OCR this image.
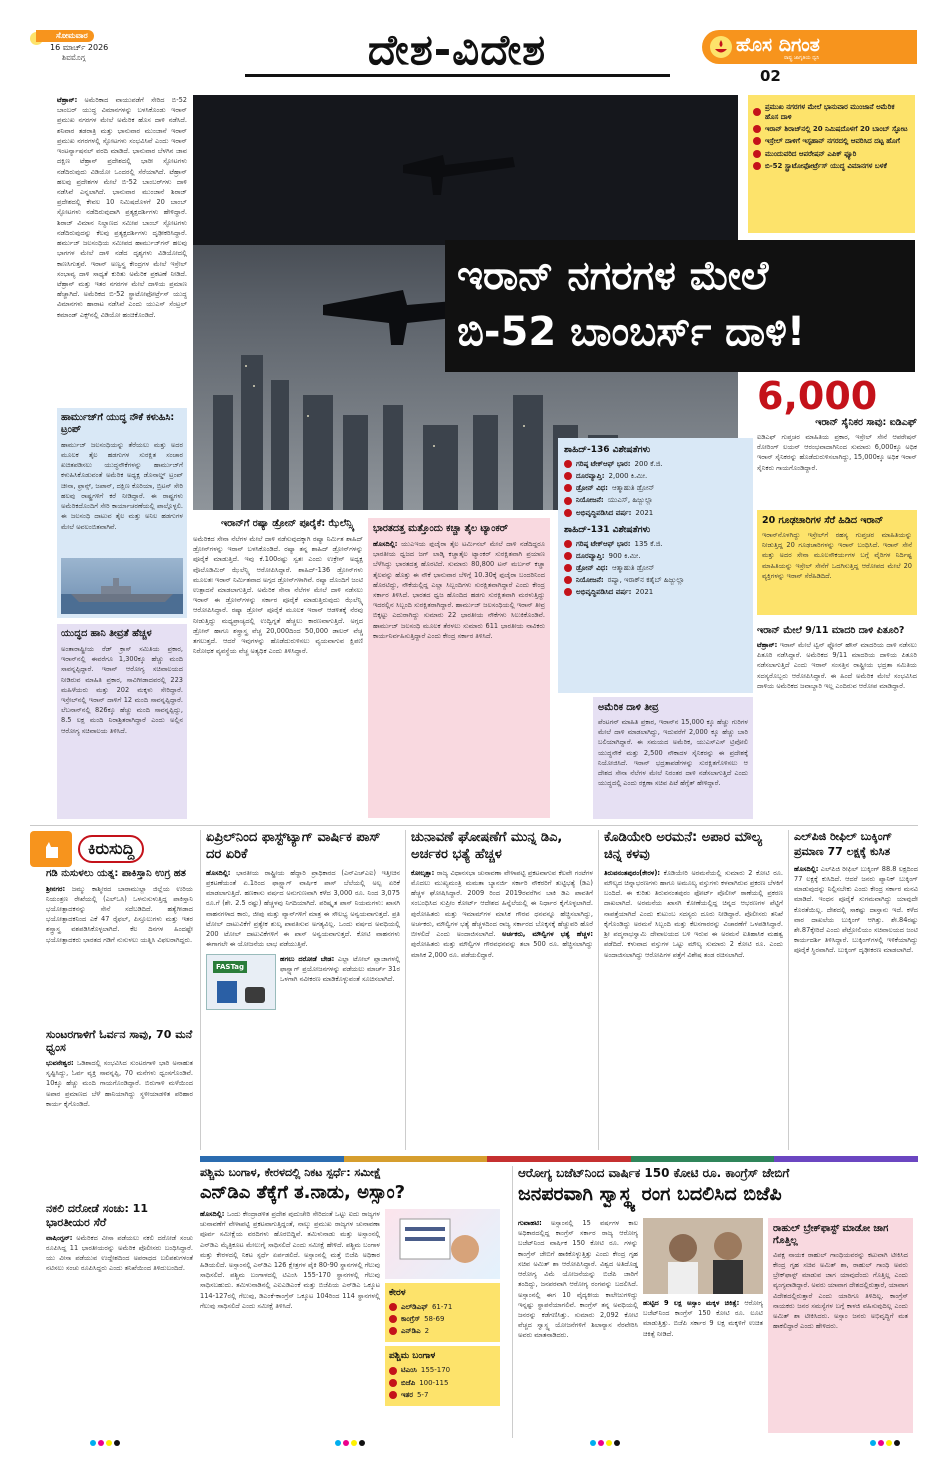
ಸೋಮವಾರ
16 ಮಾರ್ಚ್ 2026
ಶಿವಮೊಗ್ಗ	ದೇಶ-ವಿದೇಶ	ಹೊಸ ದಿಗಂತ
ರಾಷ್ಟ್ರ ಜಾಗೃತಿಯ ಧ್ವನಿ
02
ಟೆಹ್ರಾನ್: ಅಮೆರಿಕಾದ ವಾಯುಪಡೆಗೆ ಸೇರಿದ ಬಿ-52 ಬಾಂಬರ್ ಯುದ್ಧ ವಿಮಾನಗಳನ್ನು ಬಳಸಿಕೊಂಡು ಇರಾನ್ ಪ್ರಮುಖ ನಗರಗಳ ಮೇಲೆ ಅಮೆರಿಕ ಹೊಸ ದಾಳಿ ನಡೆಸಿದೆ. ಶನಿವಾರ ತಡರಾತ್ರಿ ಮತ್ತು ಭಾನುವಾರ ಮುಂಜಾನೆ ಇರಾನ್ ಪ್ರಮುಖ ನಗರಗಳಲ್ಲಿ ಸ್ಫೋಟಗಳು ಸಂಭವಿಸಿವೆ ಎಂದು ಇರಾನ್ ಇಂಟರ್ನ್ಯಾಷನಲ್ ವರದಿ ಮಾಡಿದೆ. ಭಾನುವಾರ ಬೆಳಗಿನ ಜಾವ ದಕ್ಷಿಣ ಟೆಹ್ರಾನ್ ಪ್ರದೇಶದಲ್ಲಿ ಭಾರೀ ಸ್ಫೋಟಗಳು ನಡೆದಿರುವುದು ವಿಡಿಯೋ ಒಂದರಲ್ಲಿ ಸೆರೆಯಾಗಿದೆ. ಟೆಹ್ರಾನ್ ಹಲವು ಪ್ರದೇಶಗಳ ಮೇಲೆ ಬಿ-52 ಬಾಂಬರ್‌ಗಳು ದಾಳಿ ನಡೆಸಿವೆ ಎನ್ನಲಾಗಿದೆ. ಭಾನುವಾರ ಮುಂಜಾನೆ ಶಿರಾಜ್ ಪ್ರದೇಶದಲ್ಲಿ ಕೇವಲ 10 ನಿಮಿಷದೊಳಗೆ 20 ಬಾಂಬ್ ಸ್ಫೋಟಗಳು ನಡೆದಿರುವುದಾಗಿ ಪ್ರತ್ಯಕ್ಷದರ್ಶಿಗಳು ಹೇಳಿದ್ದಾರೆ. ಶಿರಾಜ್ ವಿಮಾನ ನಿಲ್ದಾಣದ ಸಮೀಪ ಬಾಂಬ್ ಸ್ಫೋಟಗಳು ನಡೆದಿರುವುದನ್ನು ಕೆಲವು ಪ್ರತ್ಯಕ್ಷದರ್ಶಿಗಳು ದೃಢೀಕರಿಸಿದ್ದಾರೆ. ಹರ್ಮುಜ್ ಜಲಸಂಧಿಯ ಸಮೀಪದ ಹಾರ್ಮುಜ್‌ಗನ್ ಹಲವು ಭಾಗಗಳ ಮೇಲೆ ದಾಳಿ ನಡೆದ ದೃಶ್ಯಗಳು ವಿಡಿಯೋದಲ್ಲಿ ಕಾಣಸಿಗುತ್ತವೆ. ಇರಾನ್ ಅಣ್ವಸ್ತ್ರ ಕೇಂದ್ರಗಳ ಮೇಲೆ ಇಸ್ರೇಲ್ ಸಂಭಾವ್ಯ ದಾಳಿ ಸಾಧ್ಯತೆ ಕುರಿತು ಅಮೆರಿಕ ಪ್ರಕಟಣೆ ನೀಡಿದೆ. ಟೆಹ್ರಾನ್ ಮತ್ತು ಇತರ ನಗರಗಳ ಮೇಲೆ ದಾಳಿಯ ಪ್ರಮಾಣ ಹೆಚ್ಚಾಗಿದೆ. ಅಮೆರಿಕದ ಬಿ-52 ಸ್ಟ್ರಾಟೋಫೋರ್ಟ್ರೆಸ್ ಯುದ್ಧ ವಿಮಾನಗಳು ಹಾರಾಟ ನಡೆಸಿವೆ ಎಂದು ಯುಎಸ್ ಸೆಂಟ್ರಲ್ ಕಮಾಂಡ್ ಎಕ್ಸ್‌ನಲ್ಲಿ ವಿಡಿಯೋ ಹಂಚಿಕೊಂಡಿದೆ.
ಹಾರ್ಮುಜ್‌ಗೆ ಯುದ್ಧ ನೌಕೆ ಕಳುಹಿಸಿ: ಟ್ರಂಪ್
ಹಾರ್ಮುಜ್ ಜಲಸಂಧಿಯನ್ನು ತೆರೆಯಲು ಮತ್ತು ಅದರ ಮೂಲಕ ತೈಲ ಹಡಗುಗಳ ಸುರಕ್ಷಿತ ಸಂಚಾರ ಖಚಿತಪಡಿಸಲು ಯುದ್ಧನೌಕೆಗಳನ್ನು ಹಾರ್ಮುಜ್‌ಗೆ ಕಳುಹಿಸಿಕೊಡುವಂತೆ ಅಮೆರಿಕ ಅಧ್ಯಕ್ಷ ಡೊನಾಲ್ಡ್ ಟ್ರಂಪ್ ಚೀನಾ, ಫ್ರಾನ್ಸ್, ಜಪಾನ್, ದಕ್ಷಿಣ ಕೊರಿಯಾ, ಬ್ರಿಟನ್ ಸೇರಿ ಹಲವು ರಾಷ್ಟ್ರಗಳಿಗೆ ಕರೆ ನೀಡಿದ್ದಾರೆ. ಈ ರಾಷ್ಟ್ರಗಳು ಅಮೆರಿಕದೊಂದಿಗೆ ಸೇರಿ ಕಾರ್ಯಾಚರಣೆಯಲ್ಲಿ ಪಾಲ್ಗೊಳ್ಳಲಿ. ಈ ಜಲಸಂಧಿ ದಾಟುವ ತೈಲ ಮತ್ತು ಅನಿಲ ಹಡಗುಗಳ ಮೇಲೆ ಅವಲಂಬಿತವಾಗಿವೆ.
ಯುದ್ಧದ ಹಾನಿ ತೀವ್ರತೆ ಹೆಚ್ಚಳ
ಅಂತಾರಾಷ್ಟ್ರೀಯ ರೆಡ್ ಕ್ರಾಸ್ ಸಮಿತಿಯ ಪ್ರಕಾರ, ಇರಾನ್‌ನಲ್ಲಿ ಈವರೆಗೂ 1,300ಕ್ಕೂ ಹೆಚ್ಚು ಮಂದಿ ಸಾವನ್ನಪ್ಪಿದ್ದಾರೆ. ಇರಾನ್ ಆರೋಗ್ಯ ಸಚಿವಾಲಯದ ನೀಡಿರುವ ಮಾಹಿತಿ ಪ್ರಕಾರ, ಸಾವಿಗೀಡಾದವರಲ್ಲಿ 223 ಮಹಿಳೆಯರು ಮತ್ತು 202 ಮಕ್ಕಳು ಸೇರಿದ್ದಾರೆ. ಇಸ್ರೇಲ್‌ನಲ್ಲಿ ಇರಾನ್ ದಾಳಿಗೆ 12 ಮಂದಿ ಸಾವನ್ನಪ್ಪಿದ್ದಾರೆ. ಲೆಬನಾನ್‌ನಲ್ಲಿ 826ಕ್ಕೂ ಹೆಚ್ಚು ಮಂದಿ ಸಾವನ್ನಪ್ಪಿದ್ದು, 8.5 ಲಕ್ಷ ಮಂದಿ ನಿರಾಶ್ರಿತರಾಗಿದ್ದಾರೆ ಎಂದು ಅಲ್ಲಿನ ಆರೋಗ್ಯ ಸಚಿವಾಲಯ ತಿಳಿಸಿದೆ.
ಇರಾನ್ ನಗರಗಳ ಮೇಲೆ
ಬಿ-52 ಬಾಂಬರ್ಸ್ ದಾಳಿ!
ಪ್ರಮುಖ ನಗರಗಳ ಮೇಲೆ ಭಾನುವಾರ ಮುಂಜಾನೆ ಅಮೆರಿಕ ಹೊಸ ದಾಳಿ
ಇರಾನ್ ಶಿರಾಜ್‌ನಲ್ಲಿ 20 ನಿಮಿಷದೊಳಗೆ 20 ಬಾಂಬ್ ಸ್ಫೋಟ
ಇಸ್ರೇಲ್ ದಾಳಿಗೆ ಇಸ್ಫಹಾನ್ ನಗರದಲ್ಲಿ ಆವರಿಸಿದ ದಟ್ಟ ಹೊಗೆ
ಮುಂದುವರಿದ ಆಪರೇಷನ್ ಎಪಿಕ್ ಫ್ಯೂರಿ
ಬಿ-52 ಸ್ಟ್ರಾಟೋಫೋರ್ಟ್ರೆಸ್ ಯುದ್ಧ ವಿಮಾನಗಳ ಬಳಕೆ
6,000
ಇರಾನ್ ಸೈನಿಕರ ಸಾವು: ಐಡಿಎಫ್
ಐಡಿಎಫ್ ಗುಪ್ತಚರ ಮಾಹಿತಿಯ ಪ್ರಕಾರ, ಇಸ್ರೇಲ್ ಸೇನೆ ಆಪರೇಷನ್ ರೋರಿಂಗ್ ಲಯನ್ ಆರಂಭವಾದಾಗಿನಿಂದ ಸುಮಾರು 6,000ಕ್ಕೂ ಅಧಿಕ ಇರಾನ್ ಸೈನಿಕರನ್ನು ಹೊಡೆದುರುಳಿಸಲಾಗಿದ್ದು, 15,000ಕ್ಕೂ ಅಧಿಕ ಇರಾನ್ ಸೈನಿಕರು ಗಾಯಗೊಂಡಿದ್ದಾರೆ.
20 ಗೂಢಚಾರಿಗಳ ಸೆರೆ ಹಿಡಿದ ಇರಾನ್
ಇರಾನ್‌ನೊಳಗಿದ್ದು ಇಸ್ರೇಲ್‌ಗೆ ರಹಸ್ಯ ಗುಪ್ತಚರ ಮಾಹಿತಿಯನ್ನು ನೀಡುತ್ತಿದ್ದ 20 ಗೂಢಚಾರಿಗಳನ್ನು ಇರಾನ್ ಬಂಧಿಸಿದೆ. ಇರಾನ್ ಸೇನೆ ಮತ್ತು ಅದರ ಸೇನಾ ಮೂಲಸೌಕರ್ಯಗಳ ಬಗ್ಗೆ ವೈರಿಗಳ ನಿರ್ದಿಷ್ಟ ಮಾಹಿತಿಯನ್ನು ಇಸ್ರೇಲ್ ಸೇನೆಗೆ ಒದಗಿಸುತ್ತಿದ್ದ ಆರೋಪದ ಮೇಲೆ 20 ವ್ಯಕ್ತಿಗಳನ್ನು ಇರಾನ್ ಸೆರೆಹಿಡಿದಿದೆ.
ಇರಾನ್ ಮೇಲೆ 9/11 ಮಾದರಿ ದಾಳಿ ಪಿತೂರಿ?
ಟೆಹ್ರಾನ್: ಇರಾನ್ ಮೇಲೆ ಟ್ವಿನ್ ಫ್ಲೋರ್ ಹೌಸ್ ಮಾದರಿಯ ದಾಳಿ ನಡೆಸಲು ಪಿತೂರಿ ನಡೆಸಿದ್ದಾರೆ. ಅಮೆರಿಕದ 9/11 ಮಾದರಿಯ ದಾಳಿಯ ಪಿತೂರಿ ನಡೆಸಲಾಗುತ್ತಿದೆ ಎಂದು ಇರಾನ್ ಸಂಸತ್ತಿನ ರಾಷ್ಟ್ರೀಯ ಭದ್ರತಾ ಸಮಿತಿಯ ಸದಸ್ಯರೊಬ್ಬರು ಆರೋಪಿಸಿದ್ದಾರೆ. ಈ ಹಿಂದೆ ಅಮೆರಿಕ ಮೇಲೆ ಸಂಭವಿಸಿದ ದಾಳಿಯ ಅಮೆರಿಕದ ಜವಾಬ್ದಾರಿ ಇಲ್ಲ ಎಂದಿರುವ ಆರೋಪ ಮಾಡಿದ್ದಾರೆ.
ಇರಾನ್‌ಗೆ ರಷ್ಯಾ ಡ್ರೋನ್ ಪೂರೈಕೆ: ಝೆಲೆನ್ಸ್ಕಿ
ಅಮೆರಿಕದ ಸೇನಾ ನೆಲೆಗಳ ಮೇಲೆ ದಾಳಿ ನಡೆಸುವುದಕ್ಕಾಗಿ ರಷ್ಯಾ ನಿರ್ಮಿತ ಶಾಹಿದ್ ಡ್ರೋನ್‌ಗಳನ್ನು ಇರಾನ್ ಬಳಸಿಕೊಂಡಿದೆ. ರಷ್ಯಾ ತನ್ನ ಶಾಹಿದ್ ಡ್ರೋನ್‌ಗಳನ್ನು ಪೂರೈಕೆ ಮಾಡುತ್ತಿದೆ. ಇವು ಕೆ.100ರಷ್ಟು ಸ್ವತಃ ಎಂದು ಉಕ್ರೇನ್ ಅಧ್ಯಕ್ಷ ವೊಲೊಡಿಮಿರ್ ಝೆಲೆನ್ಸ್ಕಿ ಆರೋಪಿಸಿದ್ದಾರೆ. ಶಾಹಿದ್-136 ಡ್ರೋನ್‌ಗಳು ಮೂಲತಃ ಇರಾನ್ ನಿರ್ಮಿತವಾದ ಅಗ್ಗದ ಡ್ರೋನ್‌ಗಳಾಗಿವೆ. ರಷ್ಯಾ ದೊಂದಿಗೆ ಜಂಟಿ ಉತ್ಪಾದನೆ ಮಾಡಲಾಗುತ್ತಿದೆ. ಅಮೆರಿಕ ಸೇನಾ ನೆಲೆಗಳ ಮೇಲೆ ದಾಳಿ ನಡೆಸಲು ಇರಾನ್ ಈ ಡ್ರೋನ್‌ಗಳನ್ನು ಸರ್ಕಾರ ಪೂರೈಕೆ ಮಾಡುತ್ತಿರುವುದು ಝೆಲೆನ್ಸ್ಕಿ ಆರೋಪಿಸಿದ್ದಾರೆ. ರಷ್ಯಾ ಡ್ರೋನ್ ಪೂರೈಕೆ ಮೂಲಕ ಇರಾನ್ ಆಡಳಿತಕ್ಕೆ ನೆರವು ನೀಡುತ್ತಿದ್ದು ಮಧ್ಯಪ್ರಾಚ್ಯದಲ್ಲಿ ಉದ್ವಿಗ್ನತೆ ಹೆಚ್ಚಲು ಕಾರಣವಾಗುತ್ತಿದೆ. ಅಗ್ಗದ ಡ್ರೋನ್ ಹಾಗೂ ಶಸ್ತ್ರಾಸ್ತ್ರ ವೆಚ್ಚ 20,000ದಿಂದ 50,000 ಡಾಲರ್ ವೆಚ್ಚ ತಗಲುತ್ತದೆ. ಆದರೆ ಇವುಗಳನ್ನು ಹೊಡೆದುರುಳಿಸಲು ವ್ಯಯವಾಗುವ ಕ್ಷಿಪಣಿ ನಿರೋಧಕ ವ್ಯವಸ್ಥೆಯ ವೆಚ್ಚ ಅತ್ಯಧಿಕ ಎಂದು ತಿಳಿಸಿದ್ದಾರೆ.
ಭಾರತದತ್ತ ಮತ್ತೊಂದು ಕಚ್ಚಾ ತೈಲ ಟ್ಯಾಂಕರ್
ಹೊಸದಿಲ್ಲಿ: ಯುಎಇಯ ಫುಜೈರಾ ತೈಲ ಟರ್ಮಿನಲ್ ಮೇಲೆ ದಾಳಿ ನಡೆದಿದ್ದರೂ ಭಾರತೀಯ ಧ್ವಜದ ಜಗ್ ಲಾಡ್ಕಿ ಕಚ್ಚಾತೈಲ ಟ್ಯಾಂಕರ್ ಸುರಕ್ಷಿತವಾಗಿ ಪ್ರಯಾಣ ಬೆಳೆಸಿದ್ದು ಭಾರತದತ್ತ ಹೊರಟಿದೆ. ಸುಮಾರು 80,800 ಟನ್ ಮರ್ಬನ್ ಕಚ್ಚಾ ತೈಲವನ್ನು ಹೊತ್ತು ಈ ನೌಕೆ ಭಾನುವಾರ ಬೆಳಿಗ್ಗೆ 10.30ಕ್ಕೆ ಫುಜೈರಾ ಬಂದರಿನಿಂದ ಹೊರಟಿದ್ದು, ನೌಕೆಯಲ್ಲಿದ್ದ ಎಲ್ಲಾ ಸಿಬ್ಬಂದಿಗಳು ಸುರಕ್ಷಿತವಾಗಿದ್ದಾರೆ ಎಂದು ಕೇಂದ್ರ ಸರ್ಕಾರ ತಿಳಿಸಿದೆ. ಭಾರತದ ಧ್ವಜ ಹೊಂದಿದ ಹಡಗು ಸುರಕ್ಷಿತವಾಗಿ ಮರಳುತ್ತಿದ್ದು ಇದರಲ್ಲಿನ ಸಿಬ್ಬಂದಿ ಸುರಕ್ಷಿತರಾಗಿದ್ದಾರೆ. ಹಾರ್ಮುಜ್ ಜಲಸಂಧಿಯಲ್ಲಿ ಇರಾನ್ ತೀವ್ರ ಬಿಕ್ಕಟ್ಟು ಎದುರಾಗಿದ್ದು ಸುಮಾರು 22 ಭಾರತೀಯ ನೌಕೆಗಳು ಸಿಲುಕಿಕೊಂಡಿವೆ. ಹಾರ್ಮುಜ್ ಜಲಸಂಧಿ ಮೂಲಕ ತೆರಳಲು ಸುಮಾರು 611 ಭಾರತೀಯ ನಾವಿಕರು ಕಾರ್ಯನಿರ್ವಹಿಸುತ್ತಿದ್ದಾರೆ ಎಂದು ಕೇಂದ್ರ ಸರ್ಕಾರ ತಿಳಿಸಿದೆ.
ಶಾಹಿದ್-136 ವಿಶೇಷತೆಗಳು
ಗರಿಷ್ಠ ಟೇಕ್‌ಆಫ್ ಭಾರ: 200 ಕೆ.ಜಿ.
ದೂರವ್ಯಾಪ್ತಿ: 2,000 ಕಿ.ಮೀ.
ಡ್ರೋನ್ ವಿಧ: ಆತ್ಮಾಹುತಿ ಡ್ರೋನ್
ನಿಯೋಜನೆ: ಯುಎಸ್, ಹಿಜ್ಬುಲ್ಲಾ
ಅಭಿವೃದ್ಧಿಪಡಿಸಿದ ವರ್ಷ: 2021
ಶಾಹಿದ್-131 ವಿಶೇಷತೆಗಳು
ಗರಿಷ್ಠ ಟೇಕ್‌ಆಫ್ ಭಾರ: 135 ಕೆ.ಜಿ.
ದೂರವ್ಯಾಪ್ತಿ: 900 ಕಿ.ಮೀ.
ಡ್ರೋನ್ ವಿಧ: ಆತ್ಮಾಹುತಿ ಡ್ರೋನ್
ನಿಯೋಜನೆ: ರಷ್ಯಾ, ಇರಾಕ್‌ನ ಕತೈಬ್ ಹಿಜ್ಬುಲ್ಲಾ
ಅಭಿವೃದ್ಧಿಪಡಿಸಿದ ವರ್ಷ: 2021
ಅಮೆರಿಕ ದಾಳಿ ತೀವ್ರ
ಪೆಂಟಗನ್ ಮಾಹಿತಿ ಪ್ರಕಾರ, ಇರಾನ್‌ನ 15,000 ಕ್ಕೂ ಹೆಚ್ಚು ಗುರಿಗಳ ಮೇಲೆ ದಾಳಿ ಮಾಡಲಾಗಿದ್ದು, ಇದುವರೆಗೆ 2,000 ಕ್ಕೂ ಹೆಚ್ಚು ಬಾರಿ ಬಲಿಯಾಗಿದ್ದಾರೆ. ಈ ಸಮಯದ ಅಮೆರಿಕ, ಯುಎಸ್‌ಎಸ್ ಟ್ರಿಪೋಲಿ ಯುದ್ಧನೌಕೆ ಮತ್ತು 2,500 ನೌಕಾದಳ ಸೈನಿಕರನ್ನು ಈ ಪ್ರದೇಶಕ್ಕೆ ನಿಯೋಜಿಸಿದೆ. ಇರಾನ್ ಭದ್ರತಾಪಡೆಗಳನ್ನು ಸುರಕ್ಷಿತಗೊಳಿಸಲು ಆ ದೇಶದ ಸೇನಾ ನೆಲೆಗಳ ಮೇಲೆ ನಿರಂತರ ದಾಳಿ ನಡೆಸಲಾಗುತ್ತಿದೆ ಎಂದು ಯುದ್ಧದಲ್ಲಿ ಎಂದು ರಕ್ಷಣಾ ಸಚಿವ ಪಿಟೆ ಹೆಗ್ಸೆತ್ ಹೇಳಿದ್ದಾರೆ.
ಕಿರುಸುದ್ದಿ
ಗಡಿ ನುಸುಳಲು ಯತ್ನ: ಪಾಕಿಸ್ತಾನಿ ಉಗ್ರ ಹತ
ಶ್ರೀನಗರ: ಜಮ್ಮು ಕಾಶ್ಮೀರದ ಬಾರಾಮುಲ್ಲಾ ಜಿಲ್ಲೆಯ ಉರಿಯ ನಿಯಂತ್ರಣ ರೇಖೆಯಲ್ಲಿ (ಎಲ್‌ಒಸಿ) ಒಳನುಸುಳುತ್ತಿದ್ದ ಪಾಕಿಸ್ತಾನಿ ಭಯೋತ್ಪಾದಕನನ್ನು ಸೇನೆ ಸದೆಬಡಿದಿದೆ. ಹತ್ಯೆಗೀಡಾದ ಭಯೋತ್ಪಾದಕನಿಂದ ಎಕೆ 47 ರೈಫಲ್, ಪಿಸ್ತೂಲುಗಳು ಮತ್ತು ಇತರ ಶಸ್ತ್ರಾಸ್ತ್ರ ವಶಪಡಿಸಿಕೊಳ್ಳಲಾಗಿದೆ. ಕೆಲ ದಿನಗಳ ಹಿಂದಷ್ಟೇ ಭಯೋತ್ಪಾದಕರು ಭಾರತದ ಗಡಿಗೆ ನುಸುಳಲು ಯತ್ನಿಸಿ ವಿಫಲರಾಗಿದ್ದರು.
ಸುಂಟರಗಾಳಿಗೆ ಓರ್ವನ ಸಾವು, 70 ಮನೆ ಧ್ವಂಸ
ಭುವನೇಶ್ವರ: ಒಡಿಶಾದಲ್ಲಿ ಸಂಭವಿಸಿದ ಸುಂಟರಗಾಳಿ ಭಾರಿ ಅನಾಹುತ ಸೃಷ್ಟಿಸಿದ್ದು, ಓರ್ವ ವ್ಯಕ್ತಿ ಸಾವನ್ನಪ್ಪಿ, 70 ಮನೆಗಳು ಧ್ವಂಸಗೊಂಡಿವೆ. 10ಕ್ಕೂ ಹೆಚ್ಚು ಮಂದಿ ಗಾಯಗೊಂಡಿದ್ದಾರೆ. ಬಿರುಗಾಳಿ ಮಳೆಯಿಂದ ಅಪಾರ ಪ್ರಮಾಣದ ಬೆಳೆ ಹಾನಿಯಾಗಿದ್ದು ಸ್ಥಳೀಯಾಡಳಿತ ಪರಿಹಾರ ಕಾರ್ಯ ಕೈಗೊಂಡಿದೆ.
ನಕಲಿ ದರೋಡೆ ಸಂಚು: 11 ಭಾರತೀಯರ ಸೆರೆ
ವಾಷಿಂಗ್ಟನ್: ಅಮೆರಿಕದ ವೀಸಾ ಪಡೆಯಲು ನಕಲಿ ದರೋಡೆ ಸಂಚು ರೂಪಿಸಿದ್ದ 11 ಭಾರತೀಯರನ್ನು ಅಮೆರಿಕ ಪೊಲೀಸರು ಬಂಧಿಸಿದ್ದಾರೆ. ಯು ವೀಸಾ ಪಡೆಯುವ ಉದ್ದೇಶದಿಂದ ಅಪರಾಧದ ಬಲಿಪಶುಗಳಂತೆ ನಟಿಸಲು ಸಂಚು ರೂಪಿಸಿದ್ದರು ಎಂದು ತನಿಖೆಯಿಂದ ತಿಳಿದುಬಂದಿದೆ.
ಏಪ್ರಿಲ್‌ನಿಂದ ಫಾಸ್ಟ್‌ಟ್ಯಾಗ್ ವಾರ್ಷಿಕ ಪಾಸ್ ದರ ಏರಿಕೆ
ಹೊಸದಿಲ್ಲಿ: ಭಾರತೀಯ ರಾಷ್ಟ್ರೀಯ ಹೆದ್ದಾರಿ ಪ್ರಾಧಿಕಾರದ (ಎನ್‌ಎಚ್‌ಎಐ) ಇತ್ತೀಚಿನ ಪ್ರಕಟಣೆಯಂತೆ ಏ.1ರಿಂದ ಫಾಸ್ಟ್ಯಾಗ್ ವಾರ್ಷಿಕ ಪಾಸ್ ಬೆಲೆಯಲ್ಲಿ ಅಲ್ಪ ಏರಿಕೆ ಮಾಡಲಾಗುತ್ತಿದೆ. ಹಣಕಾಸು ವರ್ಷದ ಅನುಗುಣವಾಗಿ ಕಳೆದ 3,000 ರೂ. ನಿಂದ 3,075 ರೂ.ಗೆ (ಶೇ. 2.5 ರಷ್ಟು) ಹೆಚ್ಚಳವು ನಿಗದಿಯಾಗಿದೆ. ಪರಿಷ್ಕೃತ ಪಾಸ್ ನಿಯಮಗಳು: ಖಾಸಗಿ ವಾಹನಗಳಾದ ಕಾರು, ಜೀಪು ಮತ್ತು ವ್ಯಾನ್‌ಗಳಿಗೆ ಮಾತ್ರ ಈ ಸೌಲಭ್ಯ ಅನ್ವಯವಾಗುತ್ತದೆ. ಪ್ರತಿ ಟೋಲ್ ದಾಟುವಿಕೆಗೆ ಪ್ರತ್ಯೇಕ ಶುಲ್ಕ ಪಾವತಿಸುವ ಅಗತ್ಯವಿಲ್ಲ. ಒಂದು ವರ್ಷದ ಅವಧಿಯಲ್ಲಿ 200 ಟೋಲ್ ದಾಟುವಿಕೆಗಳಿಗೆ ಈ ಪಾಸ್ ಅನ್ವಯವಾಗುತ್ತದೆ. ಕೋಟಿ ವಾಹನಗಳು ಈಗಾಗಲೇ ಈ ಯೋಜನೆಯ ಲಾಭ ಪಡೆಯುತ್ತಿವೆ.
FASTag
ಹಗಲು ದರೋಡೆ ಬೇಡ: ಎಲ್ಲಾ ಟೋಲ್ ಪ್ಲಾಜಾಗಳಲ್ಲಿ ಫಾಸ್ಟ್ಯಾಗ್ ಪ್ರಯೋಜನಗಳನ್ನು ಪಡೆಯಲು ಮಾರ್ಚ್ 31ರ ಒಳಗಾಗಿ ನವೀಕರಣ ಮಾಡಿಕೊಳ್ಳುವಂತೆ ಸೂಚಿಸಲಾಗಿದೆ.
ಚುನಾವಣೆ ಘೋಷಣೆಗೆ ಮುನ್ನ ಡಿಎ, ಅರ್ಚಕರ ಭತ್ಯೆ ಹೆಚ್ಚಳ
ಕೋಲ್ಕತ್ತಾ: ರಾಜ್ಯ ವಿಧಾನಸಭಾ ಚುನಾವಣಾ ವೇಳಾಪಟ್ಟಿ ಪ್ರಕಟವಾಗುವ ಕೆಲವೇ ಗಂಟೆಗಳ ಮೊದಲು ಮುಖ್ಯಮಂತ್ರಿ ಮಮತಾ ಬ್ಯಾನರ್ಜಿ ಸರ್ಕಾರಿ ನೌಕರರಿಗೆ ತುಟ್ಟಿಭತ್ಯೆ (ಡಿಎ) ಹೆಚ್ಚಳ ಘೋಷಿಸಿದ್ದಾರೆ. 2009 ರಿಂದ 2019ರವರೆಗಿನ ಬಾಕಿ ಡಿಎ ಪಾವತಿಗೆ ಸಂಬಂಧಿಸಿದ ಸುಪ್ರೀಂ ಕೋರ್ಟ್ ಆದೇಶದ ಹಿನ್ನೆಲೆಯಲ್ಲಿ ಈ ನಿರ್ಧಾರ ಕೈಗೊಳ್ಳಲಾಗಿದೆ. ಪುರೋಹಿತರು ಮತ್ತು ಇಮಾಮ್‌ಗಳ ಮಾಸಿಕ ಗೌರವ ಧನವನ್ನೂ ಹೆಚ್ಚಿಸಲಾಗಿದ್ದು, ಅರ್ಚಕರು, ಮೌಲ್ವಿಗಳ ಭತ್ಯೆ ಹೆಚ್ಚಳದಿಂದ ರಾಜ್ಯ ಸರ್ಕಾರದ ಬೊಕ್ಕಸಕ್ಕೆ ಹೆಚ್ಚುವರಿ ಹೊರೆ ಬೀಳಲಿದೆ ಎಂದು ಅಂದಾಜಿಸಲಾಗಿದೆ. ಅರ್ಚಕರು, ಮೌಲ್ವಿಗಳ ಭತ್ಯೆ ಹೆಚ್ಚಳ: ಪುರೋಹಿತರು ಮತ್ತು ಮೌಲ್ವಿಗಳ ಗೌರವಧನವನ್ನು ತಲಾ 500 ರೂ. ಹೆಚ್ಚಿಸಲಾಗಿದ್ದು ಮಾಸಿಕ 2,000 ರೂ. ಪಡೆಯಲಿದ್ದಾರೆ.
ಕೊಡಿಯೇರಿ ಅರಮನೆ: ಅಪಾರ ಮೌಲ್ಯ ಚಿನ್ನ ಕಳವು
ತಿರುವನಂತಪುರಂ(ಕೇರಳ): ಕೊಡಿಯೇರಿ ಅರಮನೆಯಲ್ಲಿ ಸುಮಾರು 2 ಕೋಟಿ ರೂ. ಮೌಲ್ಯದ ಚಿನ್ನಾಭರಣಗಳು ಹಾಗೂ ಅಮೂಲ್ಯ ವಸ್ತುಗಳು ಕಳವಾಗಿರುವ ಪ್ರಕರಣ ಬೆಳಕಿಗೆ ಬಂದಿದೆ. ಈ ಕುರಿತು ತಿರುವನಂತಪುರಂ ಫೋರ್ಟ್ ಪೊಲೀಸ್ ಠಾಣೆಯಲ್ಲಿ ಪ್ರಕರಣ ದಾಖಲಾಗಿದೆ. ಅರಮನೆಯ ಖಾಸಗಿ ಕೋಣೆಯಲ್ಲಿದ್ದ ಚಿನ್ನದ ಆಭರಣಗಳ ಪೆಟ್ಟಿಗೆ ನಾಪತ್ತೆಯಾಗಿದೆ ಎಂದು ಕುಟುಂಬ ಸದಸ್ಯರು ದೂರು ನೀಡಿದ್ದಾರೆ. ಪೊಲೀಸರು ತನಿಖೆ ಕೈಗೊಂಡಿದ್ದು ಅರಮನೆ ಸಿಬ್ಬಂದಿ ಮತ್ತು ಕೆಲಸಗಾರರನ್ನು ವಿಚಾರಣೆಗೆ ಒಳಪಡಿಸಿದ್ದಾರೆ. ಶ್ರೀ ಪದ್ಮನಾಭಸ್ವಾಮಿ ದೇವಾಲಯದ ಬಳಿ ಇರುವ ಈ ಅರಮನೆ ಐತಿಹಾಸಿಕ ಮಹತ್ವ ಪಡೆದಿದೆ. ಕಳುವಾದ ವಸ್ತುಗಳ ಒಟ್ಟು ಮೌಲ್ಯ ಸುಮಾರು 2 ಕೋಟಿ ರೂ. ಎಂದು ಅಂದಾಜಿಸಲಾಗಿದ್ದು ಆರೋಪಿಗಳ ಪತ್ತೆಗೆ ವಿಶೇಷ ತಂಡ ರಚಿಸಲಾಗಿದೆ.
ಎಲ್‌ಪಿಜಿ ರೀಫಿಲ್ ಬುಕ್ಕಿಂಗ್ ಪ್ರಮಾಣ 77 ಲಕ್ಷಕ್ಕೆ ಕುಸಿತ
ಹೊಸದಿಲ್ಲಿ: ಎಲ್‌ಪಿಜಿ ರೀಫಿಲ್ ಬುಕ್ಕಿಂಗ್ 88.8 ಲಕ್ಷದಿಂದ 77 ಲಕ್ಷಕ್ಕೆ ಕುಸಿದಿದೆ. ಆದರೆ ಜನರು ಪ್ಯಾನಿಕ್ ಬುಕ್ಕಿಂಗ್ ಮಾಡುವುದನ್ನು ನಿಲ್ಲಿಸಬೇಕು ಎಂದು ಕೇಂದ್ರ ಸರ್ಕಾರ ಮನವಿ ಮಾಡಿದೆ. ಇಂಧನ ಪೂರೈಕೆ ಸುಗಮವಾಗಿದ್ದು ಯಾವುದೇ ಕೊರತೆಯಿಲ್ಲ. ದೇಶದಲ್ಲಿ ಸಾಕಷ್ಟು ದಾಸ್ತಾನು ಇದೆ. ಕಳೆದ ವಾರ ದಾಖಲೆಯ ಬುಕ್ಕಿಂಗ್ ಆಗಿತ್ತು. ಶೇ.84ರಷ್ಟು ಶೇ.87ಕ್ಕೇರಿದೆ ಎಂದು ಪೆಟ್ರೋಲಿಯಂ ಸಚಿವಾಲಯದ ಜಂಟಿ ಕಾರ್ಯದರ್ಶಿ ತಿಳಿಸಿದ್ದಾರೆ. ಬುಕ್ಕಿಂಗ್‌ಗಳಲ್ಲಿ ಇಳಿಕೆಯಾಗಿದ್ದು ಪೂರೈಕೆ ಸ್ಥಿರವಾಗಿದೆ. ಬುಕ್ಕಿಂಗ್ ದೃಢೀಕರಣ ಮಾಡಲಾಗಿದೆ.
ಪಶ್ಚಿಮ ಬಂಗಾಳ, ಕೇರಳದಲ್ಲಿ ನಿಕಟ ಸ್ಪರ್ಧೆ: ಸಮೀಕ್ಷೆ
ಎನ್‌ಡಿಎ ತೆಕ್ಕೆಗೆ ತ.ನಾಡು, ಅಸ್ಸಾಂ?
ಹೊಸದಿಲ್ಲಿ: ಒಂದು ಕೇಂದ್ರಾಡಳಿತ ಪ್ರದೇಶ ಪುದುಚೇರಿ ಸೇರಿದಂತೆ ಒಟ್ಟು ಐದು ರಾಜ್ಯಗಳ ಚುನಾವಣೆಗೆ ವೇಳಾಪಟ್ಟಿ ಪ್ರಕಟವಾಗುತ್ತಿದ್ದಂತೆ, ನಾಲ್ಕು ಪ್ರಮುಖ ರಾಜ್ಯಗಳ ಚುನಾವಣಾ ಪೂರ್ವ ಸಮೀಕ್ಷೆಯ ವರದಿಗಳು ಹೊರಬಿದ್ದಿವೆ. ತಮಿಳುನಾಡು ಮತ್ತು ಅಸ್ಸಾಂನಲ್ಲಿ ಎನ್‌ಡಿಎ ಮೈತ್ರಿಕೂಟ ಮೇಲುಗೈ ಸಾಧಿಸಲಿದೆ ಎಂದು ಸಮೀಕ್ಷೆ ಹೇಳಿದೆ. ಪಶ್ಚಿಮ ಬಂಗಾಳ ಮತ್ತು ಕೇರಳದಲ್ಲಿ ನಿಕಟ ಸ್ಪರ್ಧೆ ಏರ್ಪಡಲಿದೆ. ಅಸ್ಸಾಂನಲ್ಲಿ ಮತ್ತೆ ಬಿಜೆಪಿ ಅಧಿಕಾರ ಹಿಡಿಯಲಿದೆ. ಅಸ್ಸಾಂನಲ್ಲಿ ಎನ್‌ಡಿಎ 126 ಕ್ಷೇತ್ರಗಳ ಪೈಕಿ 80-90 ಸ್ಥಾನಗಳಲ್ಲಿ ಗೆಲುವು ಸಾಧಿಸಲಿದೆ. ಪಶ್ಚಿಮ ಬಂಗಾಳದಲ್ಲಿ ಟಿಎಂಸಿ 155-170 ಸ್ಥಾನಗಳಲ್ಲಿ ಗೆಲುವು ಸಾಧಿಸಬಹುದು. ತಮಿಳುನಾಡಿನಲ್ಲಿ ಎಐಎಡಿಎಂಕೆ ಮತ್ತು ಬಿಜೆಪಿಯ ಎನ್‌ಡಿಎ ಒಕ್ಕೂಟ 114-127ರಲ್ಲಿ ಗೆಲುವು, ಡಿಎಂಕೆ-ಕಾಂಗ್ರೆಸ್ ಒಕ್ಕೂಟ 104ರಿಂದ 114 ಸ್ಥಾನಗಳಲ್ಲಿ ಗೆಲುವು ಸಾಧಿಸಲಿದೆ ಎಂದು ಸಮೀಕ್ಷೆ ತಿಳಿಸಿದೆ.
ಕೇರಳ
ಎಲ್‌ಡಿಎಫ್ 61-71
ಕಾಂಗ್ರೆಸ್ 58-69
ಎನ್‌ಡಿಎ 2
ಪಶ್ಚಿಮ ಬಂಗಾಳ
ಟಿಎಂಸಿ 155-170
ಬಿಜೆಪಿ 100-115
ಇತರ 5-7
ಆರೋಗ್ಯ ಬಜೆಟ್‌ನಿಂದ ವಾರ್ಷಿಕ 150 ಕೋಟಿ ರೂ. ಕಾಂಗ್ರೆಸ್ ಜೇಬಿಗೆ
ಜನಪರವಾಗಿ ಸ್ವಾಸ್ಥ್ಯ ರಂಗ ಬದಲಿಸಿದ ಬಿಜೆಪಿ
ಗುವಾಹಟಿ: ಅಸ್ಸಾಂನಲ್ಲಿ 15 ವರ್ಷಗಳ ಕಾಲ ಅಧಿಕಾರದಲ್ಲಿದ್ದ ಕಾಂಗ್ರೆಸ್ ಸರ್ಕಾರ ರಾಜ್ಯ ಆರೋಗ್ಯ ಬಜೆಟ್‌ನಿಂದ ವಾರ್ಷಿಕ 150 ಕೋಟಿ ರೂ. ಗಳನ್ನು ಕಾಂಗ್ರೆಸ್ ಜೇಬಿಗೆ ಹಾಕಿಕೊಳ್ಳುತ್ತಿತ್ತು ಎಂದು ಕೇಂದ್ರ ಗೃಹ ಸಚಿವ ಅಮಿತ್ ಶಾ ಆರೋಪಿಸಿದ್ದಾರೆ. ವಿಶ್ವದ ಅತಿದೊಡ್ಡ ಆರೋಗ್ಯ ವಿಮೆ ಯೋಜನೆಯನ್ನು ಬಿಜೆಪಿ ಜಾರಿಗೆ ತಂದಿದ್ದು, ಜನಪರವಾಗಿ ಆರೋಗ್ಯ ರಂಗವನ್ನು ಬದಲಿಸಿದೆ. ಅಸ್ಸಾಂನಲ್ಲಿ ಈಗ 10 ವೈದ್ಯಕೀಯ ಕಾಲೇಜುಗಳಿದ್ದು ಇನ್ನಷ್ಟು ಸ್ಥಾಪನೆಯಾಗಲಿವೆ. ಕಾಂಗ್ರೆಸ್ ತನ್ನ ಅವಧಿಯಲ್ಲಿ ಜನರನ್ನು ಕಡೆಗಣಿಸಿತ್ತು. ಸುಮಾರು 2,092 ಕೋಟಿ ವೆಚ್ಚದ ಸ್ವಾಸ್ಥ್ಯ ಯೋಜನೆಗಳಿಗೆ ಶಿಲಾನ್ಯಾಸ ನೆರವೇರಿಸಿ ಅವರು ಮಾತನಾಡಿದರು.
ಹುಟ್ಟಿದ 9 ಲಕ್ಷ ಅಸ್ಸಾಂ ಮಕ್ಕಳ ಚಿಕಿತ್ಸೆ: ಆರೋಗ್ಯ ಬಜೆಟ್‌ನಿಂದ ಕಾಂಗ್ರೆಸ್ 150 ಕೋಟಿ ರೂ. ಲೂಟಿ ಮಾಡುತ್ತಿತ್ತು. ಬಿಜೆಪಿ ಸರ್ಕಾರ 9 ಲಕ್ಷ ಮಕ್ಕಳಿಗೆ ಉಚಿತ ಚಿಕಿತ್ಸೆ ನೀಡಿದೆ.
ರಾಹುಲ್ ಬ್ರೇಕ್‌ಫಾಸ್ಟ್ ಮಾಡೋ ಜಾಗ ಗೊತ್ತಿಲ್ಲ
ವಿಪಕ್ಷ ನಾಯಕ ರಾಹುಲ್ ಗಾಂಧಿಯವರನ್ನು ಕಟುವಾಗಿ ಟೀಕಿಸಿದ ಕೇಂದ್ರ ಗೃಹ ಸಚಿವ ಅಮಿತ್ ಶಾ, ರಾಹುಲ್ ಗಾಂಧಿ ಅವರು ಬ್ರೇಕ್‌ಫಾಸ್ಟ್ ಮಾಡುವ ಜಾಗ ಯಾವುದೆಂದು ಗೊತ್ತಿಲ್ಲ ಎಂದು ವ್ಯಂಗ್ಯವಾಡಿದ್ದಾರೆ. ಅವರು ಯಾವಾಗ ದೇಶದಲ್ಲಿರುತ್ತಾರೆ, ಯಾವಾಗ ವಿದೇಶದಲ್ಲಿರುತ್ತಾರೆ ಎಂದು ಯಾರಿಗೂ ತಿಳಿದಿಲ್ಲ. ಕಾಂಗ್ರೆಸ್ ನಾಯಕರು ಜನರ ಸಮಸ್ಯೆಗಳ ಬಗ್ಗೆ ಕಾಳಜಿ ವಹಿಸುವುದಿಲ್ಲ ಎಂದು ಅಮಿತ್ ಶಾ ಟೀಕಿಸಿದರು. ಅಸ್ಸಾಂ ಜನರು ಅಭಿವೃದ್ಧಿಗೆ ಮತ ಹಾಕಲಿದ್ದಾರೆ ಎಂದು ಹೇಳಿದರು.
